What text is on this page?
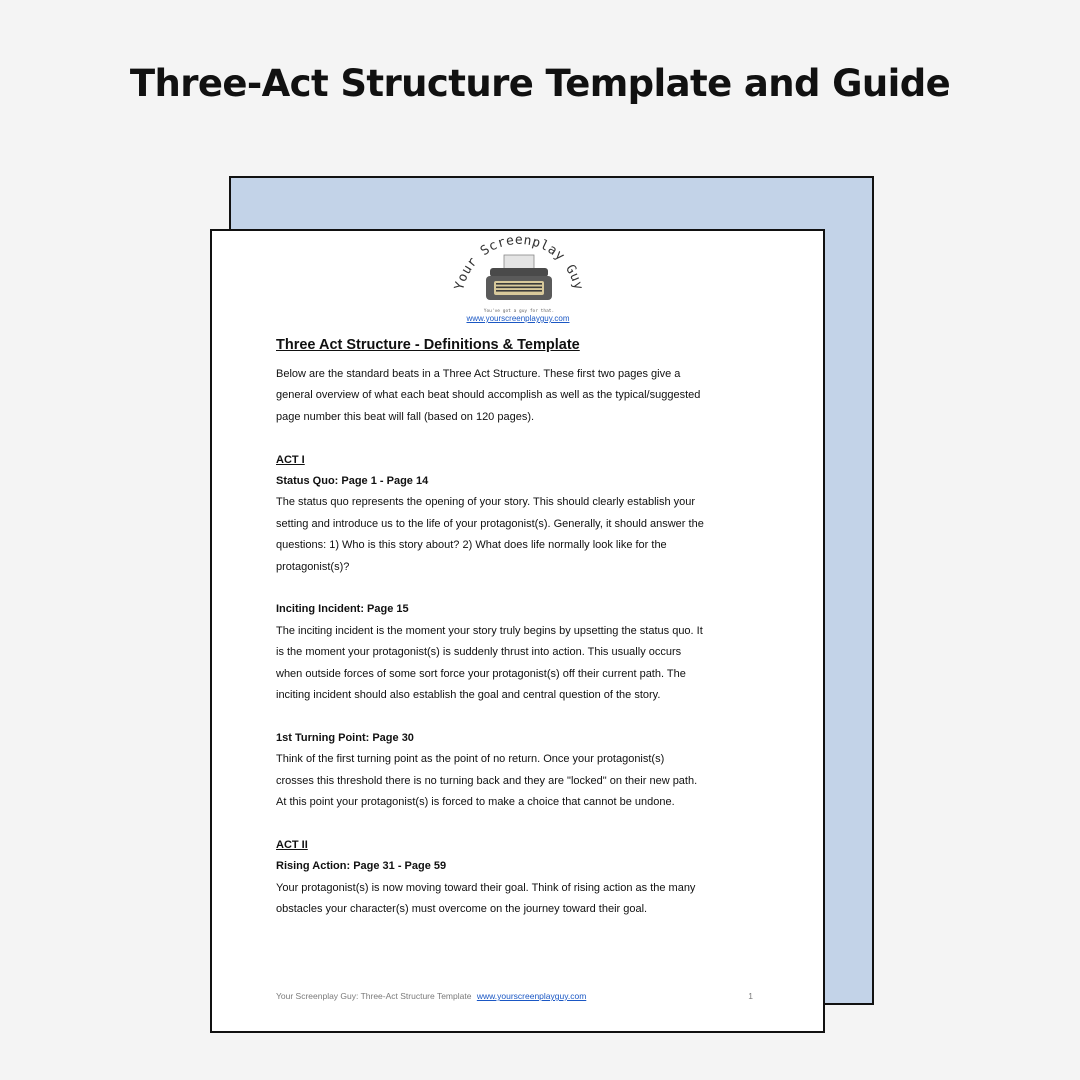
Three-Act Structure Template and Guide
Your Screenplay Guy
You've got a guy for that.
www.yourscreenplayguy.com

Three Act Structure - Definitions & Template

Below are the standard beats in a Three Act Structure. These first two pages give a

general overview of what each beat should accomplish as well as the typical/suggested

page number this beat will fall (based on 120 pages).

ACT I

Status Quo: Page 1 - Page 14

The status quo represents the opening of your story. This should clearly establish your

setting and introduce us to the life of your protagonist(s). Generally, it should answer the

questions: 1) Who is this story about? 2) What does life normally look like for the

protagonist(s)?

Inciting Incident: Page 15

The inciting incident is the moment your story truly begins by upsetting the status quo. It

is the moment your protagonist(s) is suddenly thrust into action. This usually occurs

when outside forces of some sort force your protagonist(s) off their current path. The

inciting incident should also establish the goal and central question of the story.

1st Turning Point: Page 30

Think of the first turning point as the point of no return. Once your protagonist(s)

crosses this threshold there is no turning back and they are "locked" on their new path.

At this point your protagonist(s) is forced to make a choice that cannot be undone.

ACT II

Rising Action: Page 31 - Page 59

Your protagonist(s) is now moving toward their goal. Think of rising action as the many

obstacles your character(s) must overcome on the journey toward their goal.

Your Screenplay Guy: Three-Act Structure Template www.yourscreenplayguy.com	1
